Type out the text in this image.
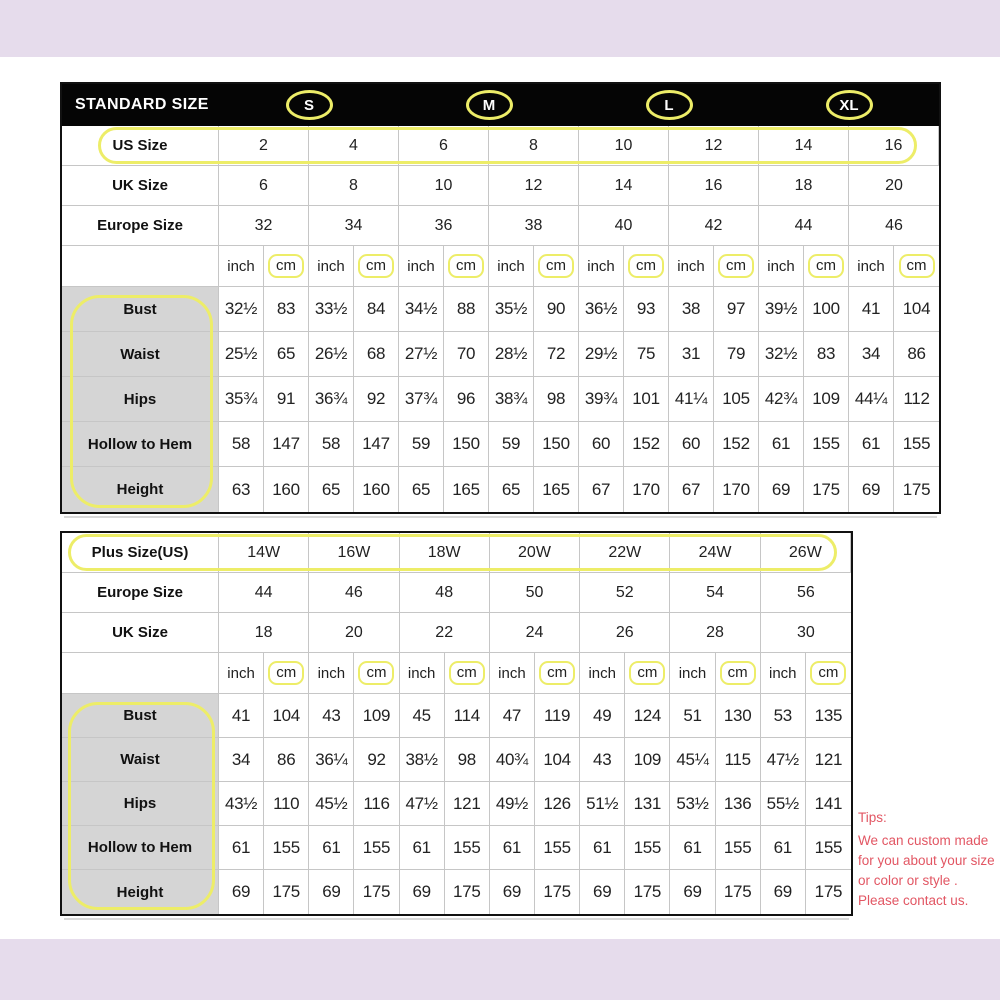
STANDARD SIZE	S	M	L	XL
US Size	2	4	6	8	10	12	14	16
UK Size	6	8	10	12	14	16	18	20
Europe Size	32	34	36	38	40	42	44	46
inch	cm	inch	cm	inch	cm	inch	cm	inch	cm	inch	cm	inch	cm	inch	cm
Bust	32½	83	33½	84	34½	88	35½	90	36½	93	38	97	39½ 100	41	104
Waist	25½	65	26½	68	27½	70	28½	72	29½	75	31	79	32½	83	34	86
Hips	35¾	91	36¾	92	37¾	96	38¾	98	39¾ 101 41¼ 105 42¾ 109 44¼ 112
Hollow to Hem	58	147	58	147	59	150	59	150	60	152	60	152	61	155	61	155
Height	63	160	65	160	65	165	65	165	67	170	67	170	69	175	69	175
Plus Size(US)	14W	16W	18W	20W	22W	24W	26W
Europe Size	44	46	48	50	52	54	56
UK Size	18	20	22	24	26	28	30
inch	cm	inch	cm	inch	cm	inch	cm	inch	cm	inch	cm	inch	cm
Bust	41	104	43	109	45	114	47	119	49	124	51	130	53	135
Waist	34	86	36¼	92	38½	98	40¾ 104	43	109 45¼ 115 47½ 121
Hips	43½ 110 45½ 116 47½ 121 49½ 126 51½ 131 53½ 136 55½ 141
Hollow to Hem	61	155	61	155	61	155	61	155	61	155	61	155	61	155
Height	69	175	69	175	69	175	69	175	69	175	69	175	69	175
Tips:
We can custom made
for you about your size
or color or style .
Please contact us.
